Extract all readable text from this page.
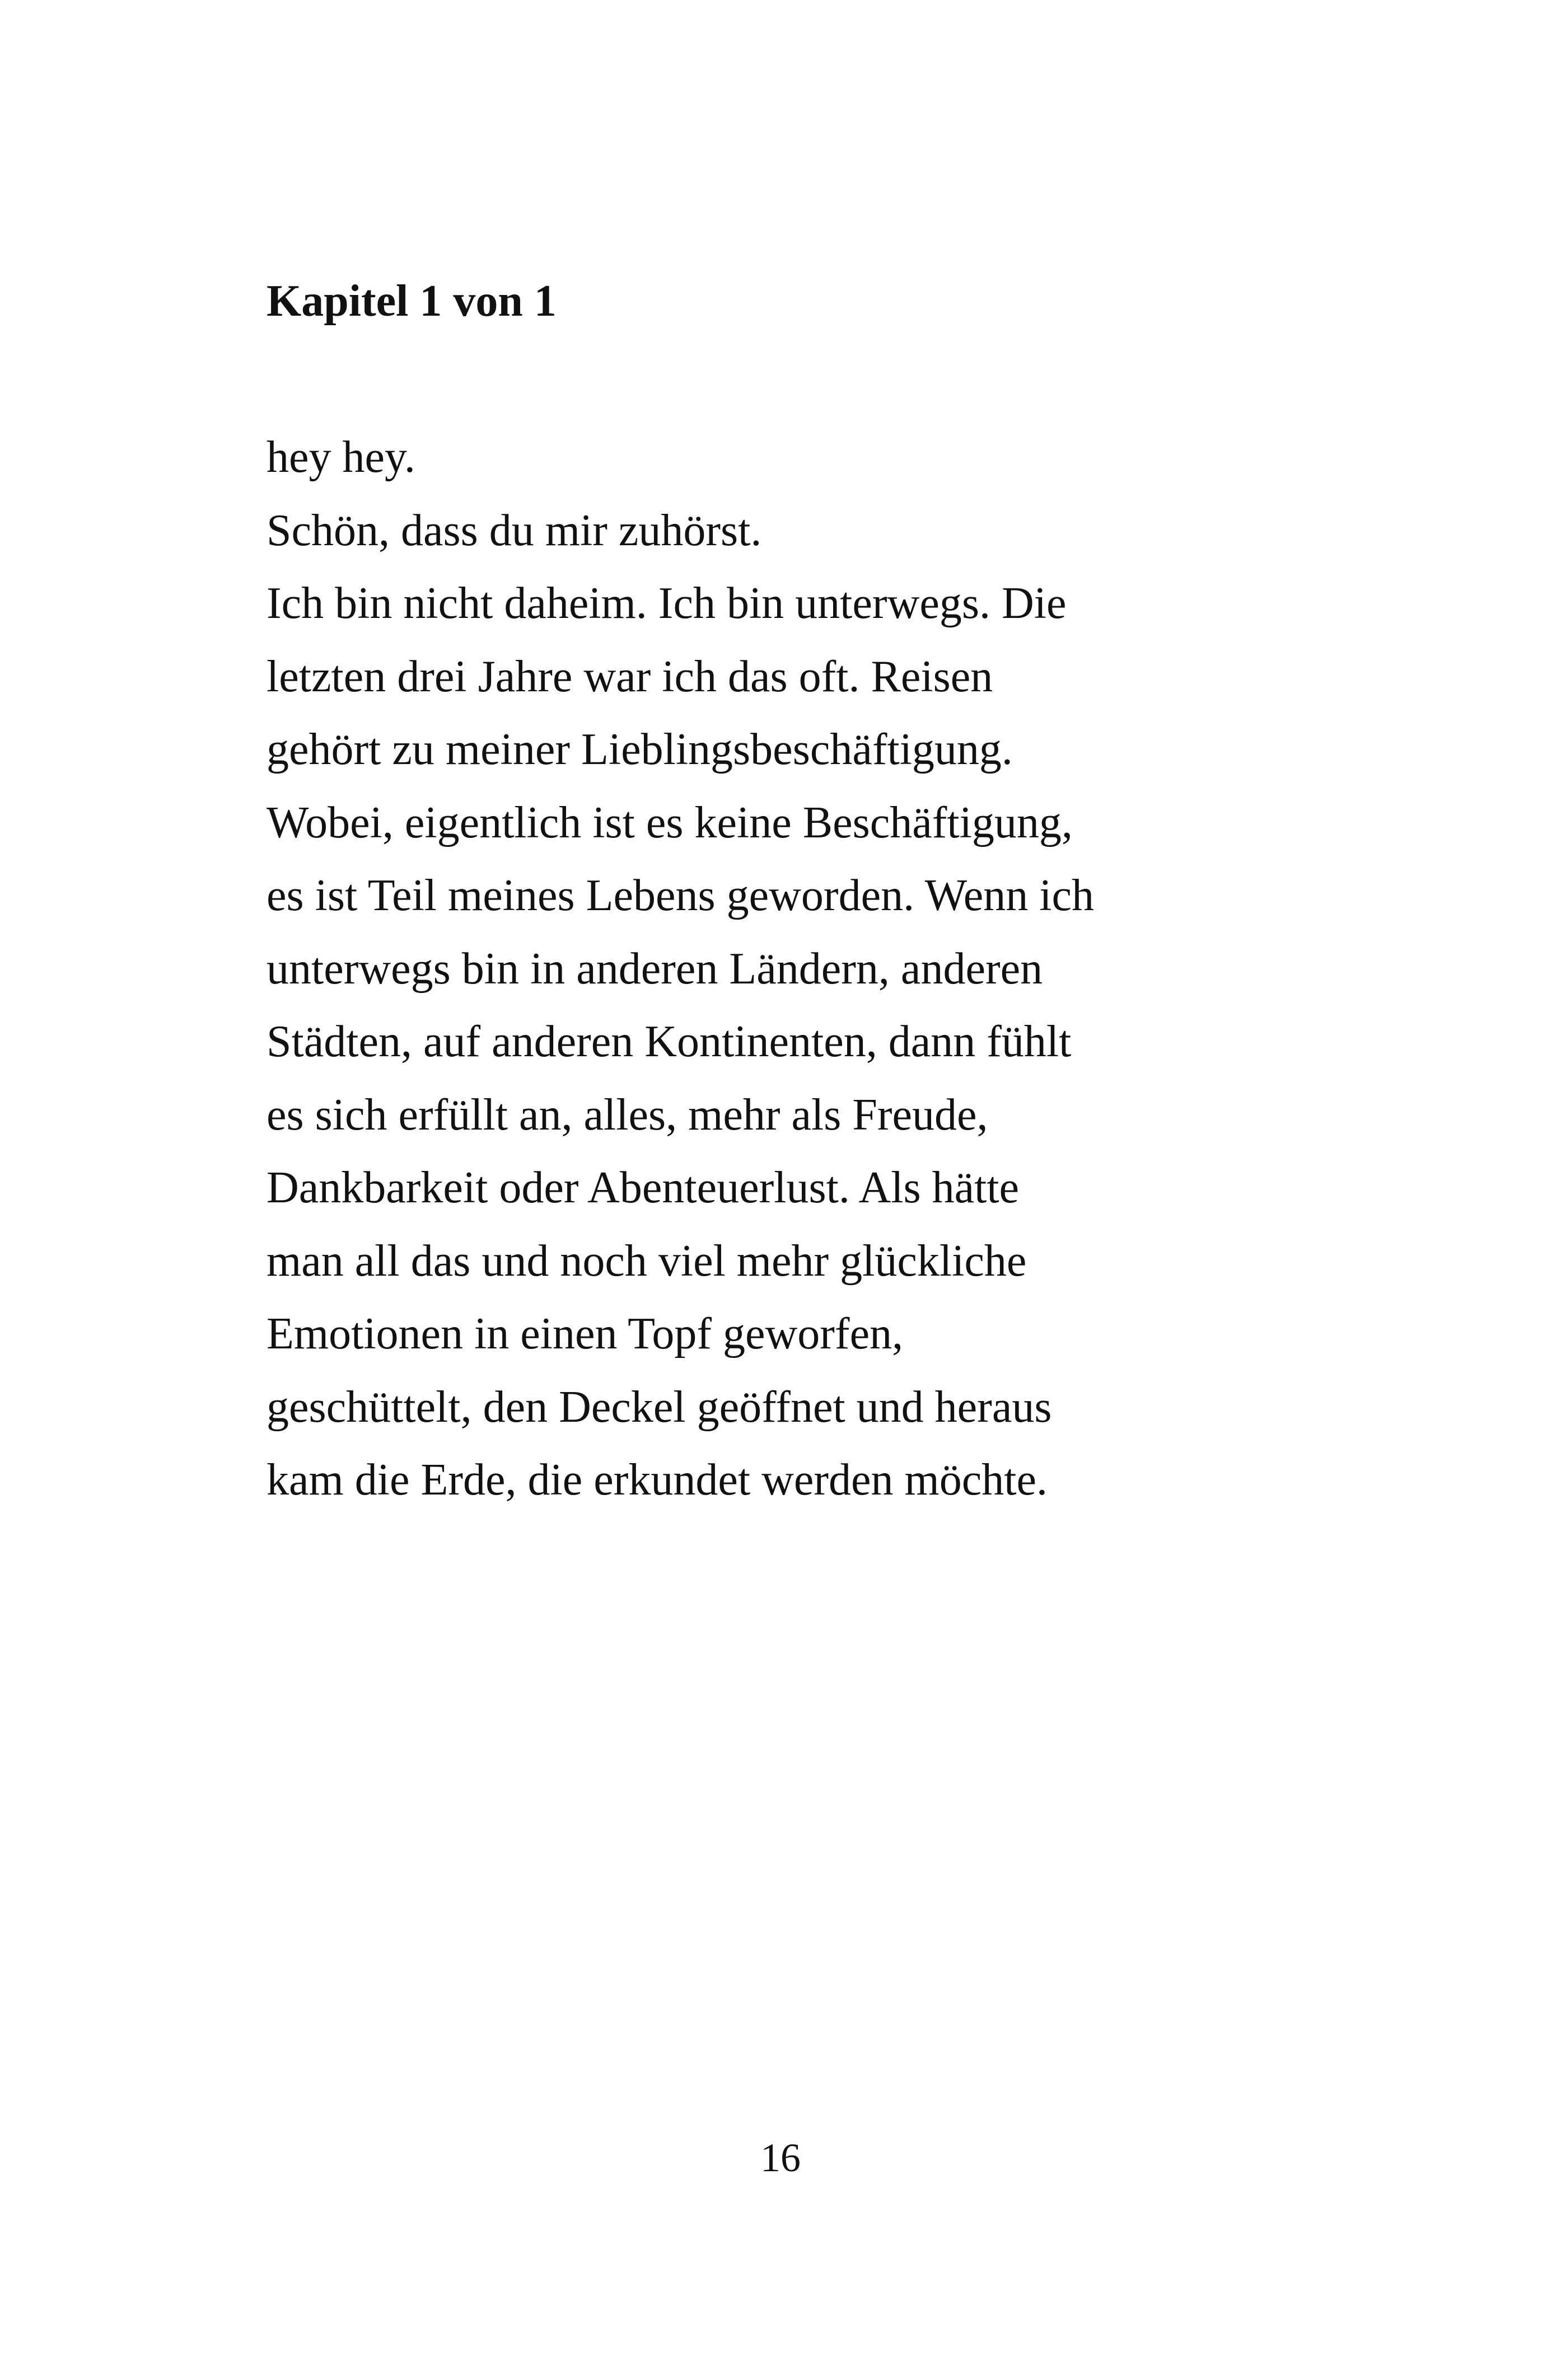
Kapitel 1 von 1
hey hey.
Schön, dass du mir zuhörst.
Ich bin nicht daheim. Ich bin unterwegs. Die
letzten drei Jahre war ich das oft. Reisen
gehört zu meiner Lieblingsbeschäftigung.
Wobei, eigentlich ist es keine Beschäftigung,
es ist Teil meines Lebens geworden. Wenn ich
unterwegs bin in anderen Ländern, anderen
Städten, auf anderen Kontinenten, dann fühlt
es sich erfüllt an, alles, mehr als Freude,
Dankbarkeit oder Abenteuerlust. Als hätte
man all das und noch viel mehr glückliche
Emotionen in einen Topf geworfen,
geschüttelt, den Deckel geöffnet und heraus
kam die Erde, die erkundet werden möchte.
16
